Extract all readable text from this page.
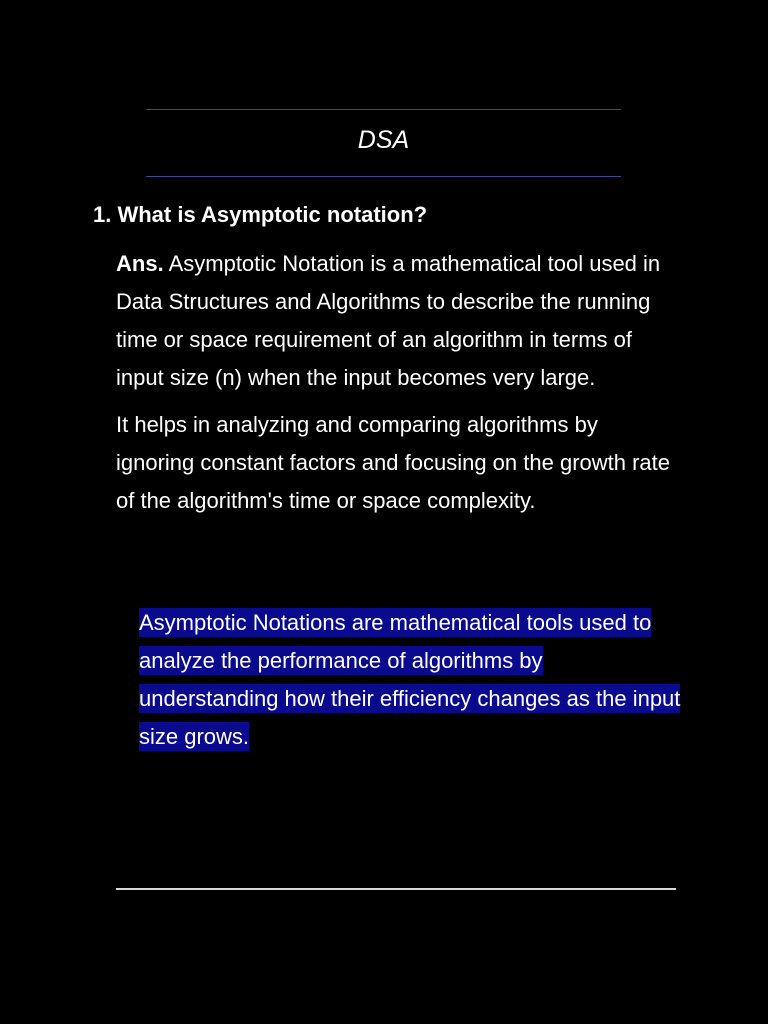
DSA
1. What is Asymptotic notation?

Ans. Asymptotic Notation is a mathematical tool used in Data Structures and Algorithms to describe the running time or space requirement of an algorithm in terms of input size (n) when the input becomes very large.

It helps in analyzing and comparing algorithms by ignoring constant factors and focusing on the growth rate of the algorithm's time or space complexity.

Asymptotic Notations are mathematical tools used to analyze the performance of algorithms by understanding how their efficiency changes as the input size grows.
